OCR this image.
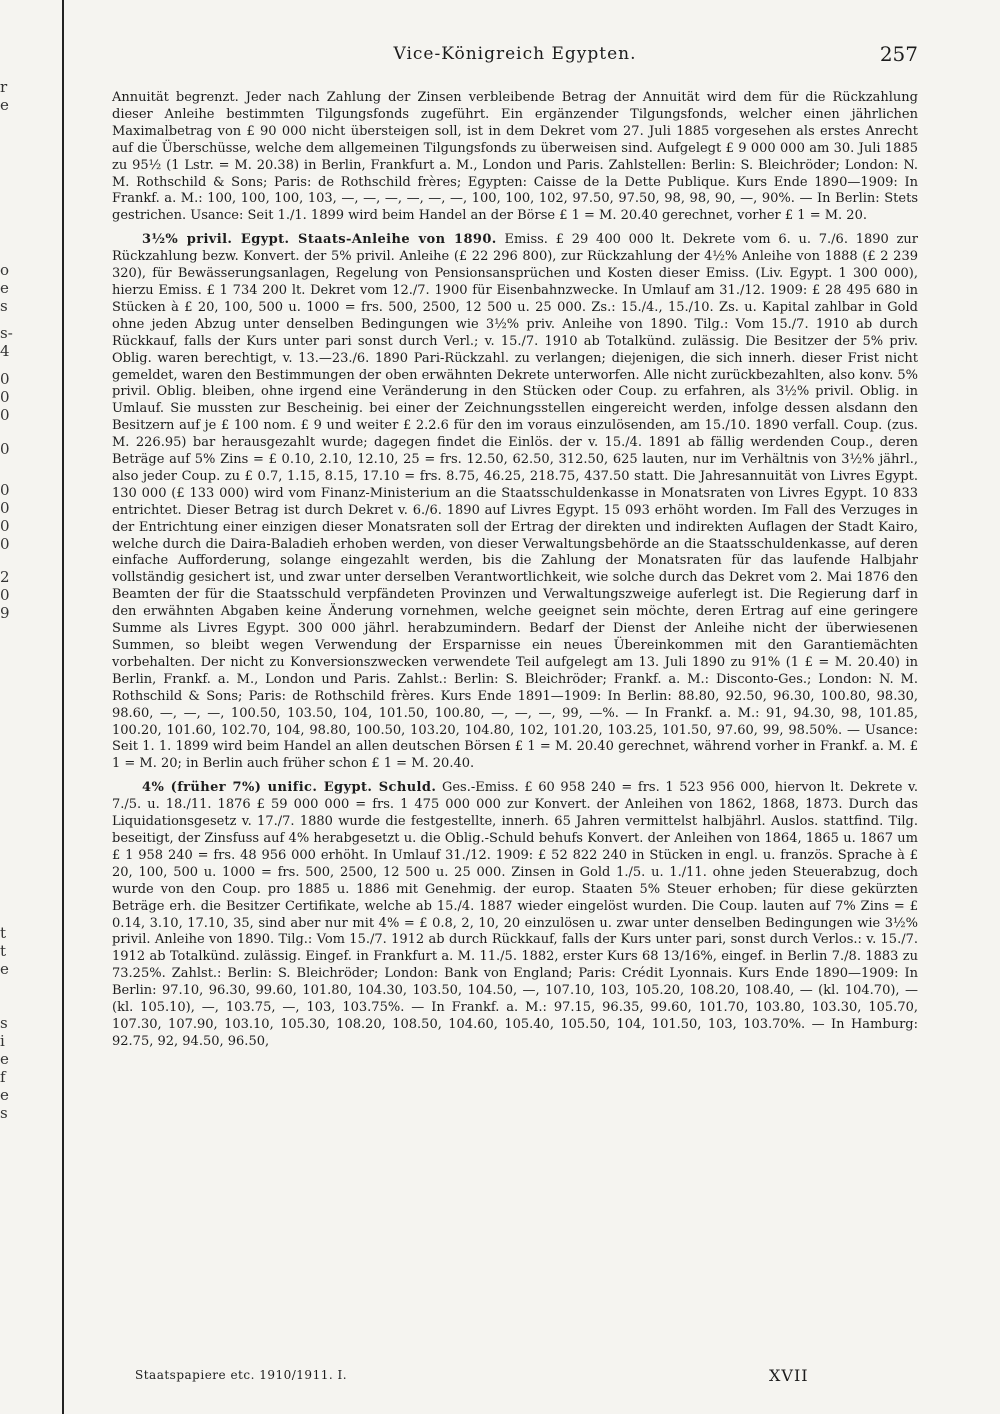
r
e
o
e
s
s-
4
0
0
0
0
0
0
0
0
2
0
9
t
t
e
s
i
e
f
e
s
Vice-Königreich Egypten.	257

Annuität begrenzt. Jeder nach Zahlung der Zinsen verbleibende Betrag der Annuität wird dem für die Rückzahlung dieser Anleihe bestimmten Tilgungsfonds zugeführt. Ein ergänzender Tilgungsfonds, welcher einen jährlichen Maximalbetrag von £ 90 000 nicht übersteigen soll, ist in dem Dekret vom 27. Juli 1885 vorgesehen als erstes Anrecht auf die Überschüsse, welche dem allgemeinen Tilgungsfonds zu überweisen sind. Aufgelegt £ 9 000 000 am 30. Juli 1885 zu 95½ (1 Lstr. = M. 20.38) in Berlin, Frankfurt a. M., London und Paris. Zahlstellen: Berlin: S. Bleichröder; London: N. M. Rothschild & Sons; Paris: de Rothschild frères; Egypten: Caisse de la Dette Publique. Kurs Ende 1890—1909: In Frankf. a. M.: 100, 100, 100, 103, —, —, —, —, —, —, 100, 100, 102, 97.50, 97.50, 98, 98, 90, —, 90%. — In Berlin: Stets gestrichen. Usance: Seit 1./1. 1899 wird beim Handel an der Börse £ 1 = M. 20.40 gerechnet, vorher £ 1 = M. 20.

3½% privil. Egypt. Staats-Anleihe von 1890. Emiss. £ 29 400 000 lt. Dekrete vom 6. u. 7./6. 1890 zur Rückzahlung bezw. Konvert. der 5% privil. Anleihe (£ 22 296 800), zur Rückzahlung der 4½% Anleihe von 1888 (£ 2 239 320), für Bewässerungsanlagen, Regelung von Pensionsansprüchen und Kosten dieser Emiss. (Liv. Egypt. 1 300 000), hierzu Emiss. £ 1 734 200 lt. Dekret vom 12./7. 1900 für Eisenbahnzwecke. In Umlauf am 31./12. 1909: £ 28 495 680 in Stücken à £ 20, 100, 500 u. 1000 = frs. 500, 2500, 12 500 u. 25 000. Zs.: 15./4., 15./10. Zs. u. Kapital zahlbar in Gold ohne jeden Abzug unter denselben Bedingungen wie 3½% priv. Anleihe von 1890. Tilg.: Vom 15./7. 1910 ab durch Rückkauf, falls der Kurs unter pari sonst durch Verl.; v. 15./7. 1910 ab Totalkünd. zulässig. Die Besitzer der 5% priv. Oblig. waren berechtigt, v. 13.—23./6. 1890 Pari-Rückzahl. zu verlangen; diejenigen, die sich innerh. dieser Frist nicht gemeldet, waren den Bestimmungen der oben erwähnten Dekrete unterworfen. Alle nicht zurückbezahlten, also konv. 5% privil. Oblig. bleiben, ohne irgend eine Veränderung in den Stücken oder Coup. zu erfahren, als 3½% privil. Oblig. in Umlauf. Sie mussten zur Bescheinig. bei einer der Zeichnungsstellen eingereicht werden, infolge dessen alsdann den Besitzern auf je £ 100 nom. £ 9 und weiter £ 2.2.6 für den im voraus einzulösenden, am 15./10. 1890 verfall. Coup. (zus. M. 226.95) bar herausgezahlt wurde; dagegen findet die Einlös. der v. 15./4. 1891 ab fällig werdenden Coup., deren Beträge auf 5% Zins = £ 0.10, 2.10, 12.10, 25 = frs. 12.50, 62.50, 312.50, 625 lauten, nur im Verhältnis von 3½% jährl., also jeder Coup. zu £ 0.7, 1.15, 8.15, 17.10 = frs. 8.75, 46.25, 218.75, 437.50 statt. Die Jahresannuität von Livres Egypt. 130 000 (£ 133 000) wird vom Finanz-Ministerium an die Staatsschuldenkasse in Monatsraten von Livres Egypt. 10 833 entrichtet. Dieser Betrag ist durch Dekret v. 6./6. 1890 auf Livres Egypt. 15 093 erhöht worden. Im Fall des Verzuges in der Entrichtung einer einzigen dieser Monatsraten soll der Ertrag der direkten und indirekten Auflagen der Stadt Kairo, welche durch die Daira-Baladieh erhoben werden, von dieser Verwaltungsbehörde an die Staatsschuldenkasse, auf deren einfache Aufforderung, solange eingezahlt werden, bis die Zahlung der Monatsraten für das laufende Halbjahr vollständig gesichert ist, und zwar unter derselben Verantwortlichkeit, wie solche durch das Dekret vom 2. Mai 1876 den Beamten der für die Staatsschuld verpfändeten Provinzen und Verwaltungszweige auferlegt ist. Die Regierung darf in den erwähnten Abgaben keine Änderung vornehmen, welche geeignet sein möchte, deren Ertrag auf eine geringere Summe als Livres Egypt. 300 000 jährl. herabzumindern. Bedarf der Dienst der Anleihe nicht der überwiesenen Summen, so bleibt wegen Verwendung der Ersparnisse ein neues Übereinkommen mit den Garantiemächten vorbehalten. Der nicht zu Konversionszwecken verwendete Teil aufgelegt am 13. Juli 1890 zu 91% (1 £ = M. 20.40) in Berlin, Frankf. a. M., London und Paris. Zahlst.: Berlin: S. Bleichröder; Frankf. a. M.: Disconto-Ges.; London: N. M. Rothschild & Sons; Paris: de Rothschild frères. Kurs Ende 1891—1909: In Berlin: 88.80, 92.50, 96.30, 100.80, 98.30, 98.60, —, —, —, 100.50, 103.50, 104, 101.50, 100.80, —, —, —, 99, —%. — In Frankf. a. M.: 91, 94.30, 98, 101.85, 100.20, 101.60, 102.70, 104, 98.80, 100.50, 103.20, 104.80, 102, 101.20, 103.25, 101.50, 97.60, 99, 98.50%. — Usance: Seit 1. 1. 1899 wird beim Handel an allen deutschen Börsen £ 1 = M. 20.40 gerechnet, während vorher in Frankf. a. M. £ 1 = M. 20; in Berlin auch früher schon £ 1 = M. 20.40.

4% (früher 7%) unific. Egypt. Schuld. Ges.-Emiss. £ 60 958 240 = frs. 1 523 956 000, hiervon lt. Dekrete v. 7./5. u. 18./11. 1876 £ 59 000 000 = frs. 1 475 000 000 zur Konvert. der Anleihen von 1862, 1868, 1873. Durch das Liquidationsgesetz v. 17./7. 1880 wurde die festgestellte, innerh. 65 Jahren vermittelst halbjährl. Auslos. stattfind. Tilg. beseitigt, der Zinsfuss auf 4% herabgesetzt u. die Oblig.-Schuld behufs Konvert. der Anleihen von 1864, 1865 u. 1867 um £ 1 958 240 = frs. 48 956 000 erhöht. In Umlauf 31./12. 1909: £ 52 822 240 in Stücken in engl. u. französ. Sprache à £ 20, 100, 500 u. 1000 = frs. 500, 2500, 12 500 u. 25 000. Zinsen in Gold 1./5. u. 1./11. ohne jeden Steuerabzug, doch wurde von den Coup. pro 1885 u. 1886 mit Genehmig. der europ. Staaten 5% Steuer erhoben; für diese gekürzten Beträge erh. die Besitzer Certifikate, welche ab 15./4. 1887 wieder eingelöst wurden. Die Coup. lauten auf 7% Zins = £ 0.14, 3.10, 17.10, 35, sind aber nur mit 4% = £ 0.8, 2, 10, 20 einzulösen u. zwar unter denselben Bedingungen wie 3½% privil. Anleihe von 1890. Tilg.: Vom 15./7. 1912 ab durch Rückkauf, falls der Kurs unter pari, sonst durch Verlos.: v. 15./7. 1912 ab Totalkünd. zulässig. Eingef. in Frankfurt a. M. 11./5. 1882, erster Kurs 68 13/16%, eingef. in Berlin 7./8. 1883 zu 73.25%. Zahlst.: Berlin: S. Bleichröder; London: Bank von England; Paris: Crédit Lyonnais. Kurs Ende 1890—1909: In Berlin: 97.10, 96.30, 99.60, 101.80, 104.30, 103.50, 104.50, —, 107.10, 103, 105.20, 108.20, 108.40, — (kl. 104.70), — (kl. 105.10), —, 103.75, —, 103, 103.75%. — In Frankf. a. M.: 97.15, 96.35, 99.60, 101.70, 103.80, 103.30, 105.70, 107.30, 107.90, 103.10, 105.30, 108.20, 108.50, 104.60, 105.40, 105.50, 104, 101.50, 103, 103.70%. — In Hamburg: 92.75, 92, 94.50, 96.50,

Staatspapiere etc. 1910/1911. I.	XVII
